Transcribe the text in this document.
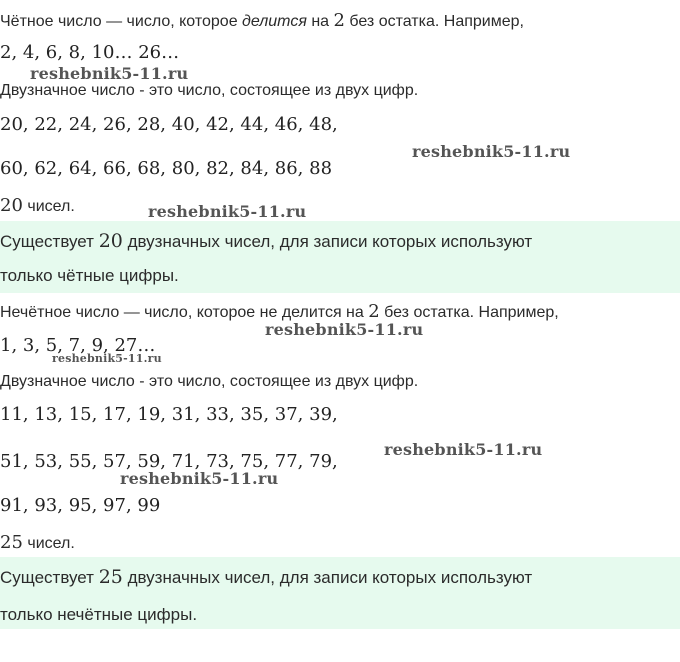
Чётное число — число, которое делится на 2 без остатка. Например,
2, 4, 6, 8, 10… 26…
reshebnik5-11.ru
Двузначное число - это число, состоящее из двух цифр.
20, 22, 24, 26, 28, 40, 42, 44, 46, 48,
reshebnik5-11.ru
60, 62, 64, 66, 68, 80, 82, 84, 86, 88
20 чисел.	reshebnik5-11.ru
Существует 20 двузначных чисел, для записи которых используют
только чётные цифры.
Нечётное число — число, которое не делится на 2 без остатка. Например,
reshebnik5-11.ru
1, 3, 5, 7, 9, 27…
reshebnik5-11.ru
Двузначное число - это число, состоящее из двух цифр.
11, 13, 15, 17, 19, 31, 33, 35, 37, 39,
reshebnik5-11.ru
51, 53, 55, 57, 59, 71, 73, 75, 77, 79,
reshebnik5-11.ru
91, 93, 95, 97, 99
25 чисел.
Существует 25 двузначных чисел, для записи которых используют
только нечётные цифры.
